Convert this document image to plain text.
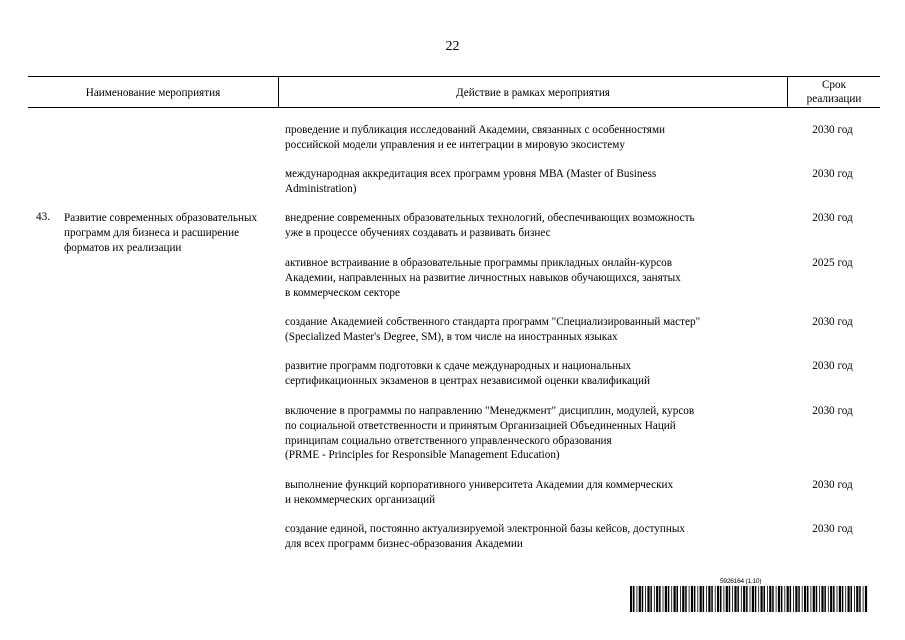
22
Наименование мероприятия	Действие в рамках мероприятия
Срок
реализации
43. Развитие современных образовательных программ для бизнеса и расширение форматов их реализации
проведение и публикация исследований Академии, связанных с особенностями
российской модели управления и ее интеграции в мировую экосистему
2030 год
международная аккредитация всех программ уровня МВА (Master of Business
Administration)
2030 год
внедрение современных образовательных технологий, обеспечивающих возможность
уже в процессе обучениях создавать и развивать бизнес
2030 год
активное встраивание в образовательные программы прикладных онлайн-курсов
Академии, направленных на развитие личностных навыков обучающихся, занятых
в коммерческом секторе
2025 год
создание Академией собственного стандарта программ "Специализированный мастер"
(Specialized Master's Degree, SM), в том числе на иностранных языках
2030 год
развитие программ подготовки к сдаче международных и национальных
сертификационных экзаменов в центрах независимой оценки квалификаций
2030 год
включение в программы по направлению "Менеджмент" дисциплин, модулей, курсов
по социальной ответственности и принятым Организацией Объединенных Наций
принципам социально ответственного управленческого образования
(PRME - Principles for Responsible Management Education)
2030 год
выполнение функций корпоративного университета Академии для коммерческих
и некоммерческих организаций
2030 год
создание единой, постоянно актуализируемой электронной базы кейсов, доступных
для всех программ бизнес-образования Академии
2030 год
5926164 (1.10)
